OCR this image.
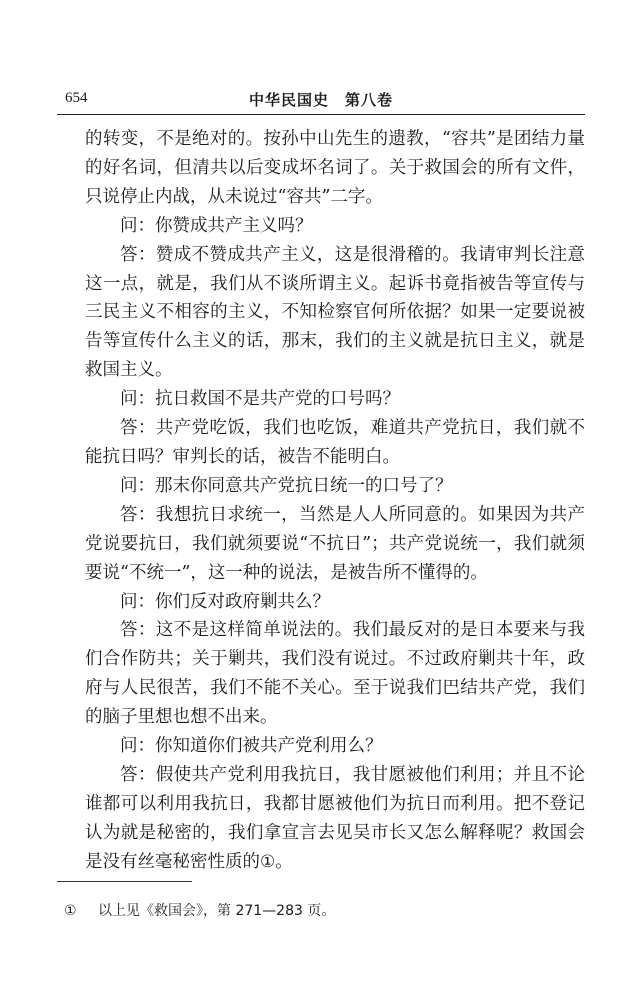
654	中华民国史　第八卷

的转变，不是绝对的。按孙中山先生的遗教，“容共”是团结力量的好名词，但清共以后变成坏名词了。关于救国会的所有文件，只说停止内战，从未说过“容共”二字。

问：你赞成共产主义吗？

答：赞成不赞成共产主义，这是很滑稽的。我请审判长注意这一点，就是，我们从不谈所谓主义。起诉书竟指被告等宣传与三民主义不相容的主义，不知检察官何所依据？如果一定要说被告等宣传什么主义的话，那末，我们的主义就是抗日主义，就是救国主义。

问：抗日救国不是共产党的口号吗？

答：共产党吃饭，我们也吃饭，难道共产党抗日，我们就不能抗日吗？审判长的话，被告不能明白。

问：那末你同意共产党抗日统一的口号了？

答：我想抗日求统一，当然是人人所同意的。如果因为共产党说要抗日，我们就须要说“不抗日”；共产党说统一，我们就须要说“不统一”，这一种的说法，是被告所不懂得的。

问：你们反对政府剿共么？

答：这不是这样简单说法的。我们最反对的是日本要来与我们合作防共；关于剿共，我们没有说过。不过政府剿共十年，政府与人民很苦，我们不能不关心。至于说我们巴结共产党，我们的脑子里想也想不出来。

问：你知道你们被共产党利用么？

答：假使共产党利用我抗日，我甘愿被他们利用；并且不论谁都可以利用我抗日，我都甘愿被他们为抗日而利用。把不登记认为就是秘密的，我们拿宣言去见吴市长又怎么解释呢？救国会是没有丝毫秘密性质的①。

① 以上见《救国会》，第 271—283 页。
